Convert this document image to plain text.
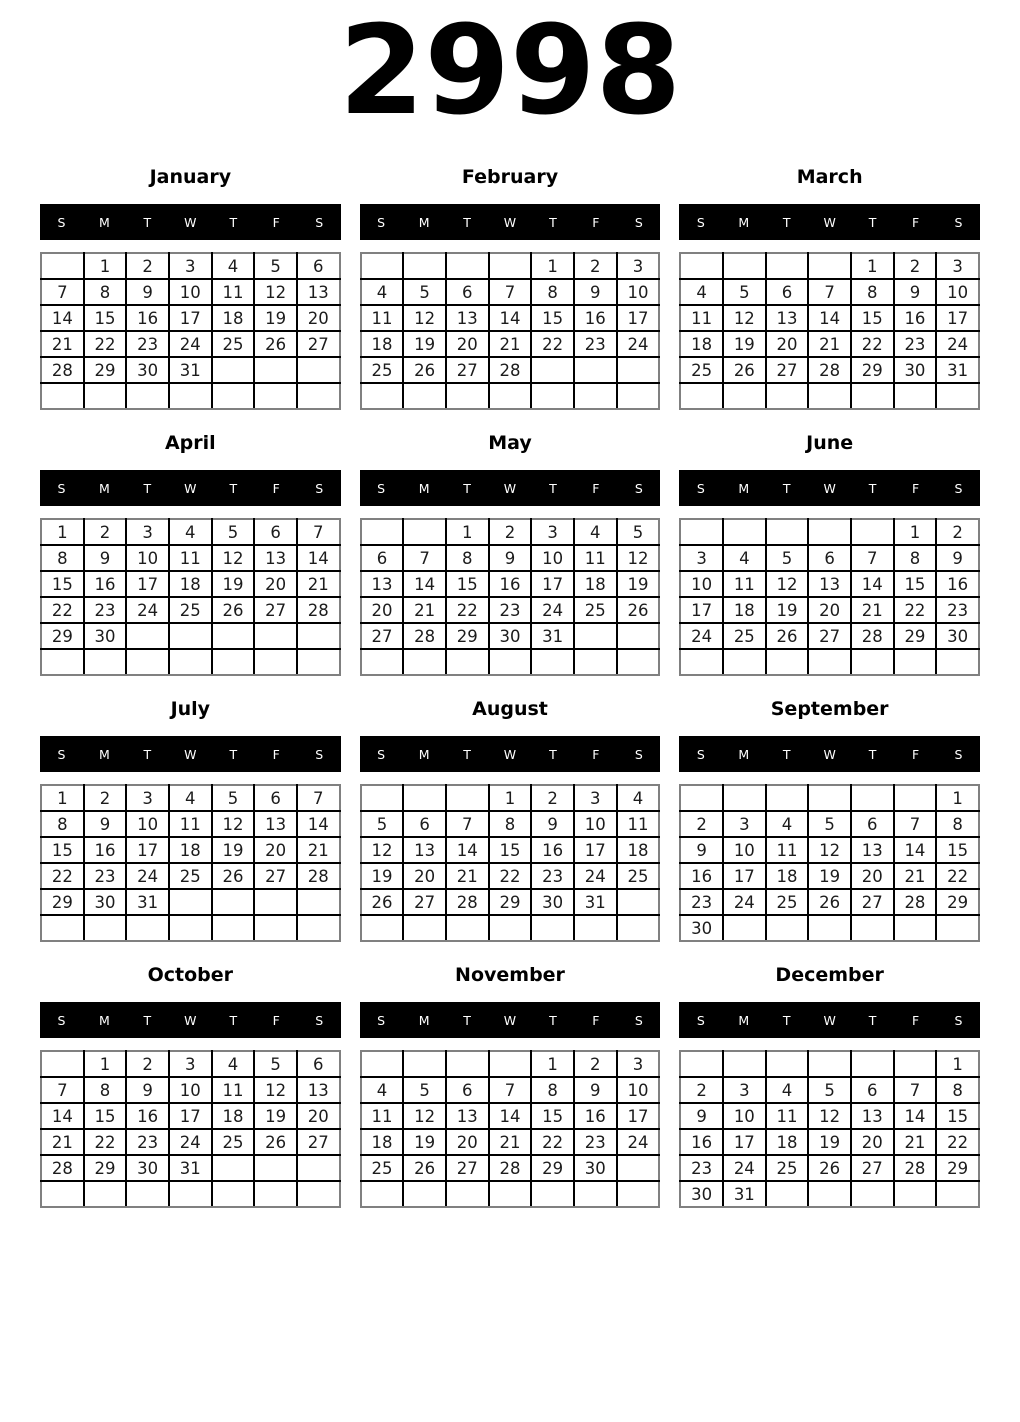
2998
January
S	M	T	W	T	F	S
	1	2	3	4	5	6
7	8	9	10	11	12	13
14	15	16	17	18	19	20
21	22	23	24	25	26	27
28	29	30	31			

February
S	M	T	W	T	F	S
				1	2	3
4	5	6	7	8	9	10
11	12	13	14	15	16	17
18	19	20	21	22	23	24
25	26	27	28			

March
S	M	T	W	T	F	S
				1	2	3
4	5	6	7	8	9	10
11	12	13	14	15	16	17
18	19	20	21	22	23	24
25	26	27	28	29	30	31

April
S	M	T	W	T	F	S
1	2	3	4	5	6	7
8	9	10	11	12	13	14
15	16	17	18	19	20	21
22	23	24	25	26	27	28
29	30					

May
S	M	T	W	T	F	S
		1	2	3	4	5
6	7	8	9	10	11	12
13	14	15	16	17	18	19
20	21	22	23	24	25	26
27	28	29	30	31		

June
S	M	T	W	T	F	S
					1	2
3	4	5	6	7	8	9
10	11	12	13	14	15	16
17	18	19	20	21	22	23
24	25	26	27	28	29	30

July
S	M	T	W	T	F	S
1	2	3	4	5	6	7
8	9	10	11	12	13	14
15	16	17	18	19	20	21
22	23	24	25	26	27	28
29	30	31				

August
S	M	T	W	T	F	S
			1	2	3	4
5	6	7	8	9	10	11
12	13	14	15	16	17	18
19	20	21	22	23	24	25
26	27	28	29	30	31	

September
S	M	T	W	T	F	S
						1
2	3	4	5	6	7	8
9	10	11	12	13	14	15
16	17	18	19	20	21	22
23	24	25	26	27	28	29
30						
October
S	M	T	W	T	F	S
	1	2	3	4	5	6
7	8	9	10	11	12	13
14	15	16	17	18	19	20
21	22	23	24	25	26	27
28	29	30	31			

November
S	M	T	W	T	F	S
				1	2	3
4	5	6	7	8	9	10
11	12	13	14	15	16	17
18	19	20	21	22	23	24
25	26	27	28	29	30	

December
S	M	T	W	T	F	S
						1
2	3	4	5	6	7	8
9	10	11	12	13	14	15
16	17	18	19	20	21	22
23	24	25	26	27	28	29
30	31					
